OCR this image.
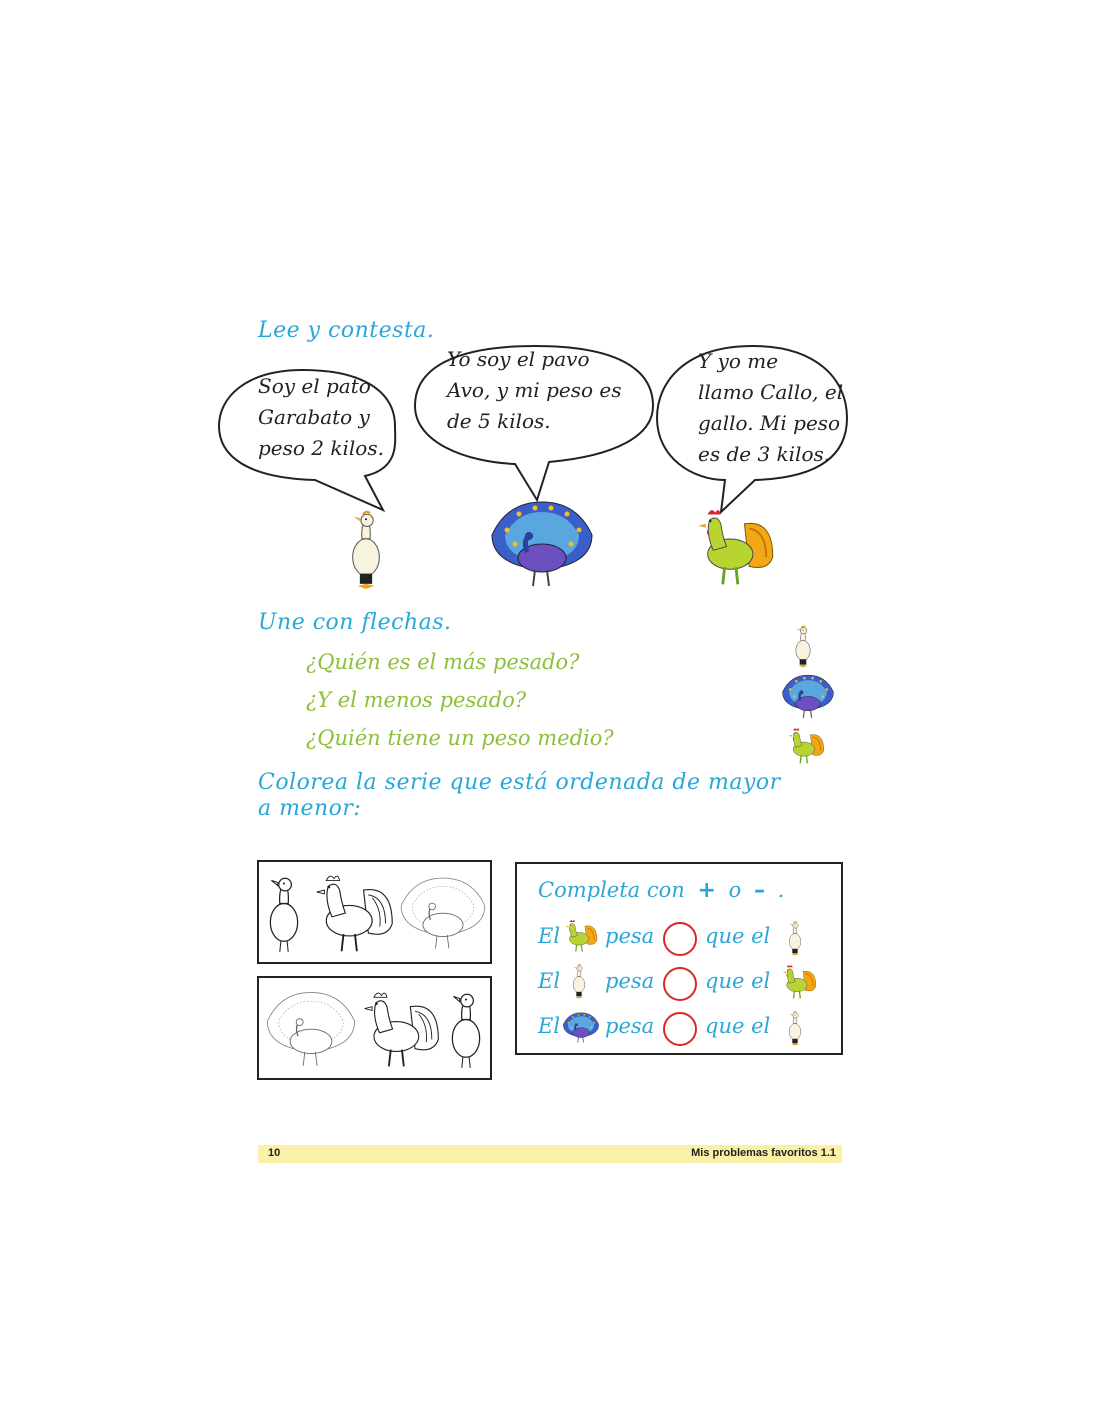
Lee y contesta.
Soy el pato
Garabato y
peso 2 kilos.
Yo soy el pavo
Avo, y mi peso es
de 5 kilos.
Y yo me
llamo Callo, el
gallo. Mi peso
es de 3 kilos.
Une con flechas.
¿Quién es el más pesado?
¿Y el menos pesado?
¿Quién tiene un peso medio?
Colorea la serie que está ordenada de mayor a menor:
Completa con + o – .
El pesa que el
El pesa que el
El pesa que el
10	Mis problemas favoritos 1.1
